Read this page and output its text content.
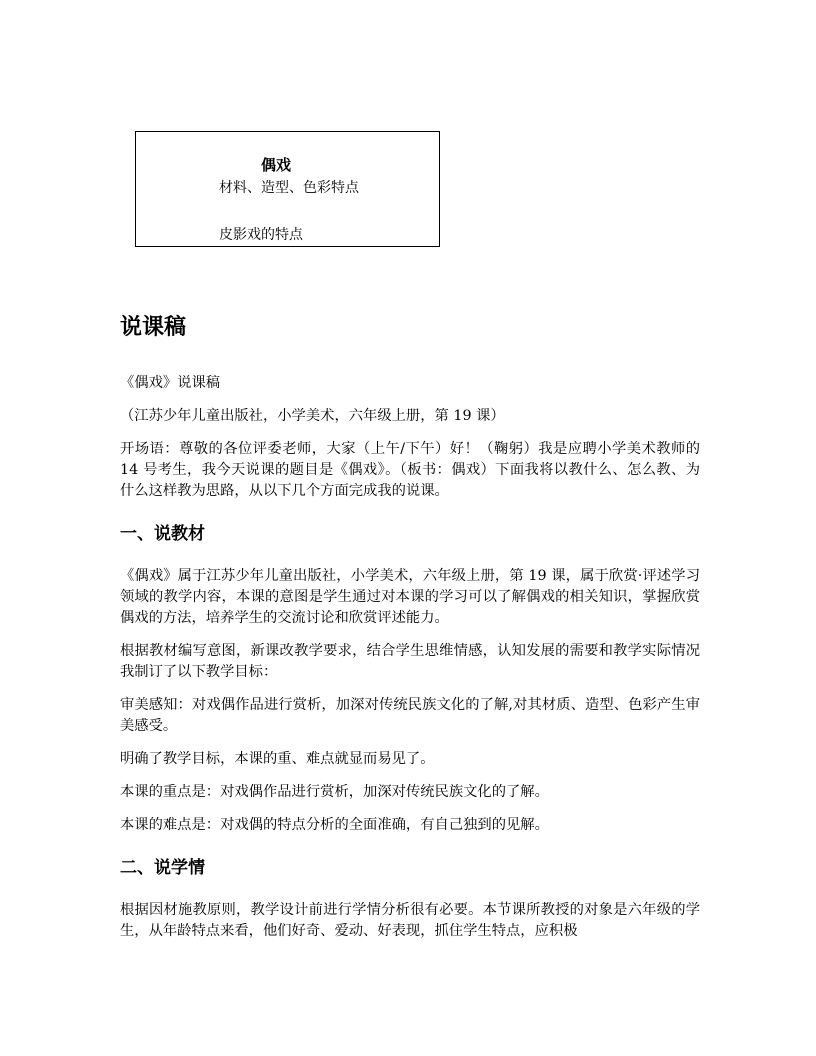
偶戏
材料、造型、色彩特点
皮影戏的特点
说课稿

《偶戏》说课稿

（江苏少年儿童出版社，小学美术，六年级上册，第 19 课）

开场语：尊敬的各位评委老师，大家（上午/下午）好！（鞠躬）我是应聘小学美术教师的 14 号考生，我今天说课的题目是《偶戏》。（板书：偶戏）下面我将以教什么、怎么教、为什么这样教为思路，从以下几个方面完成我的说课。

一、说教材

《偶戏》属于江苏少年儿童出版社，小学美术，六年级上册，第 19 课，属于欣赏·评述学习领域的教学内容，本课的意图是学生通过对本课的学习可以了解偶戏的相关知识，掌握欣赏偶戏的方法，培养学生的交流讨论和欣赏评述能力。

根据教材编写意图，新课改教学要求，结合学生思维情感，认知发展的需要和教学实际情况我制订了以下教学目标：

审美感知：对戏偶作品进行赏析，加深对传统民族文化的了解,对其材质、造型、色彩产生审美感受。

明确了教学目标，本课的重、难点就显而易见了。

本课的重点是：对戏偶作品进行赏析，加深对传统民族文化的了解。

本课的难点是：对戏偶的特点分析的全面准确，有自己独到的见解。

二、说学情

根据因材施教原则，教学设计前进行学情分析很有必要。本节课所教授的对象是六年级的学生，从年龄特点来看，他们好奇、爱动、好表现，抓住学生特点，应积极
